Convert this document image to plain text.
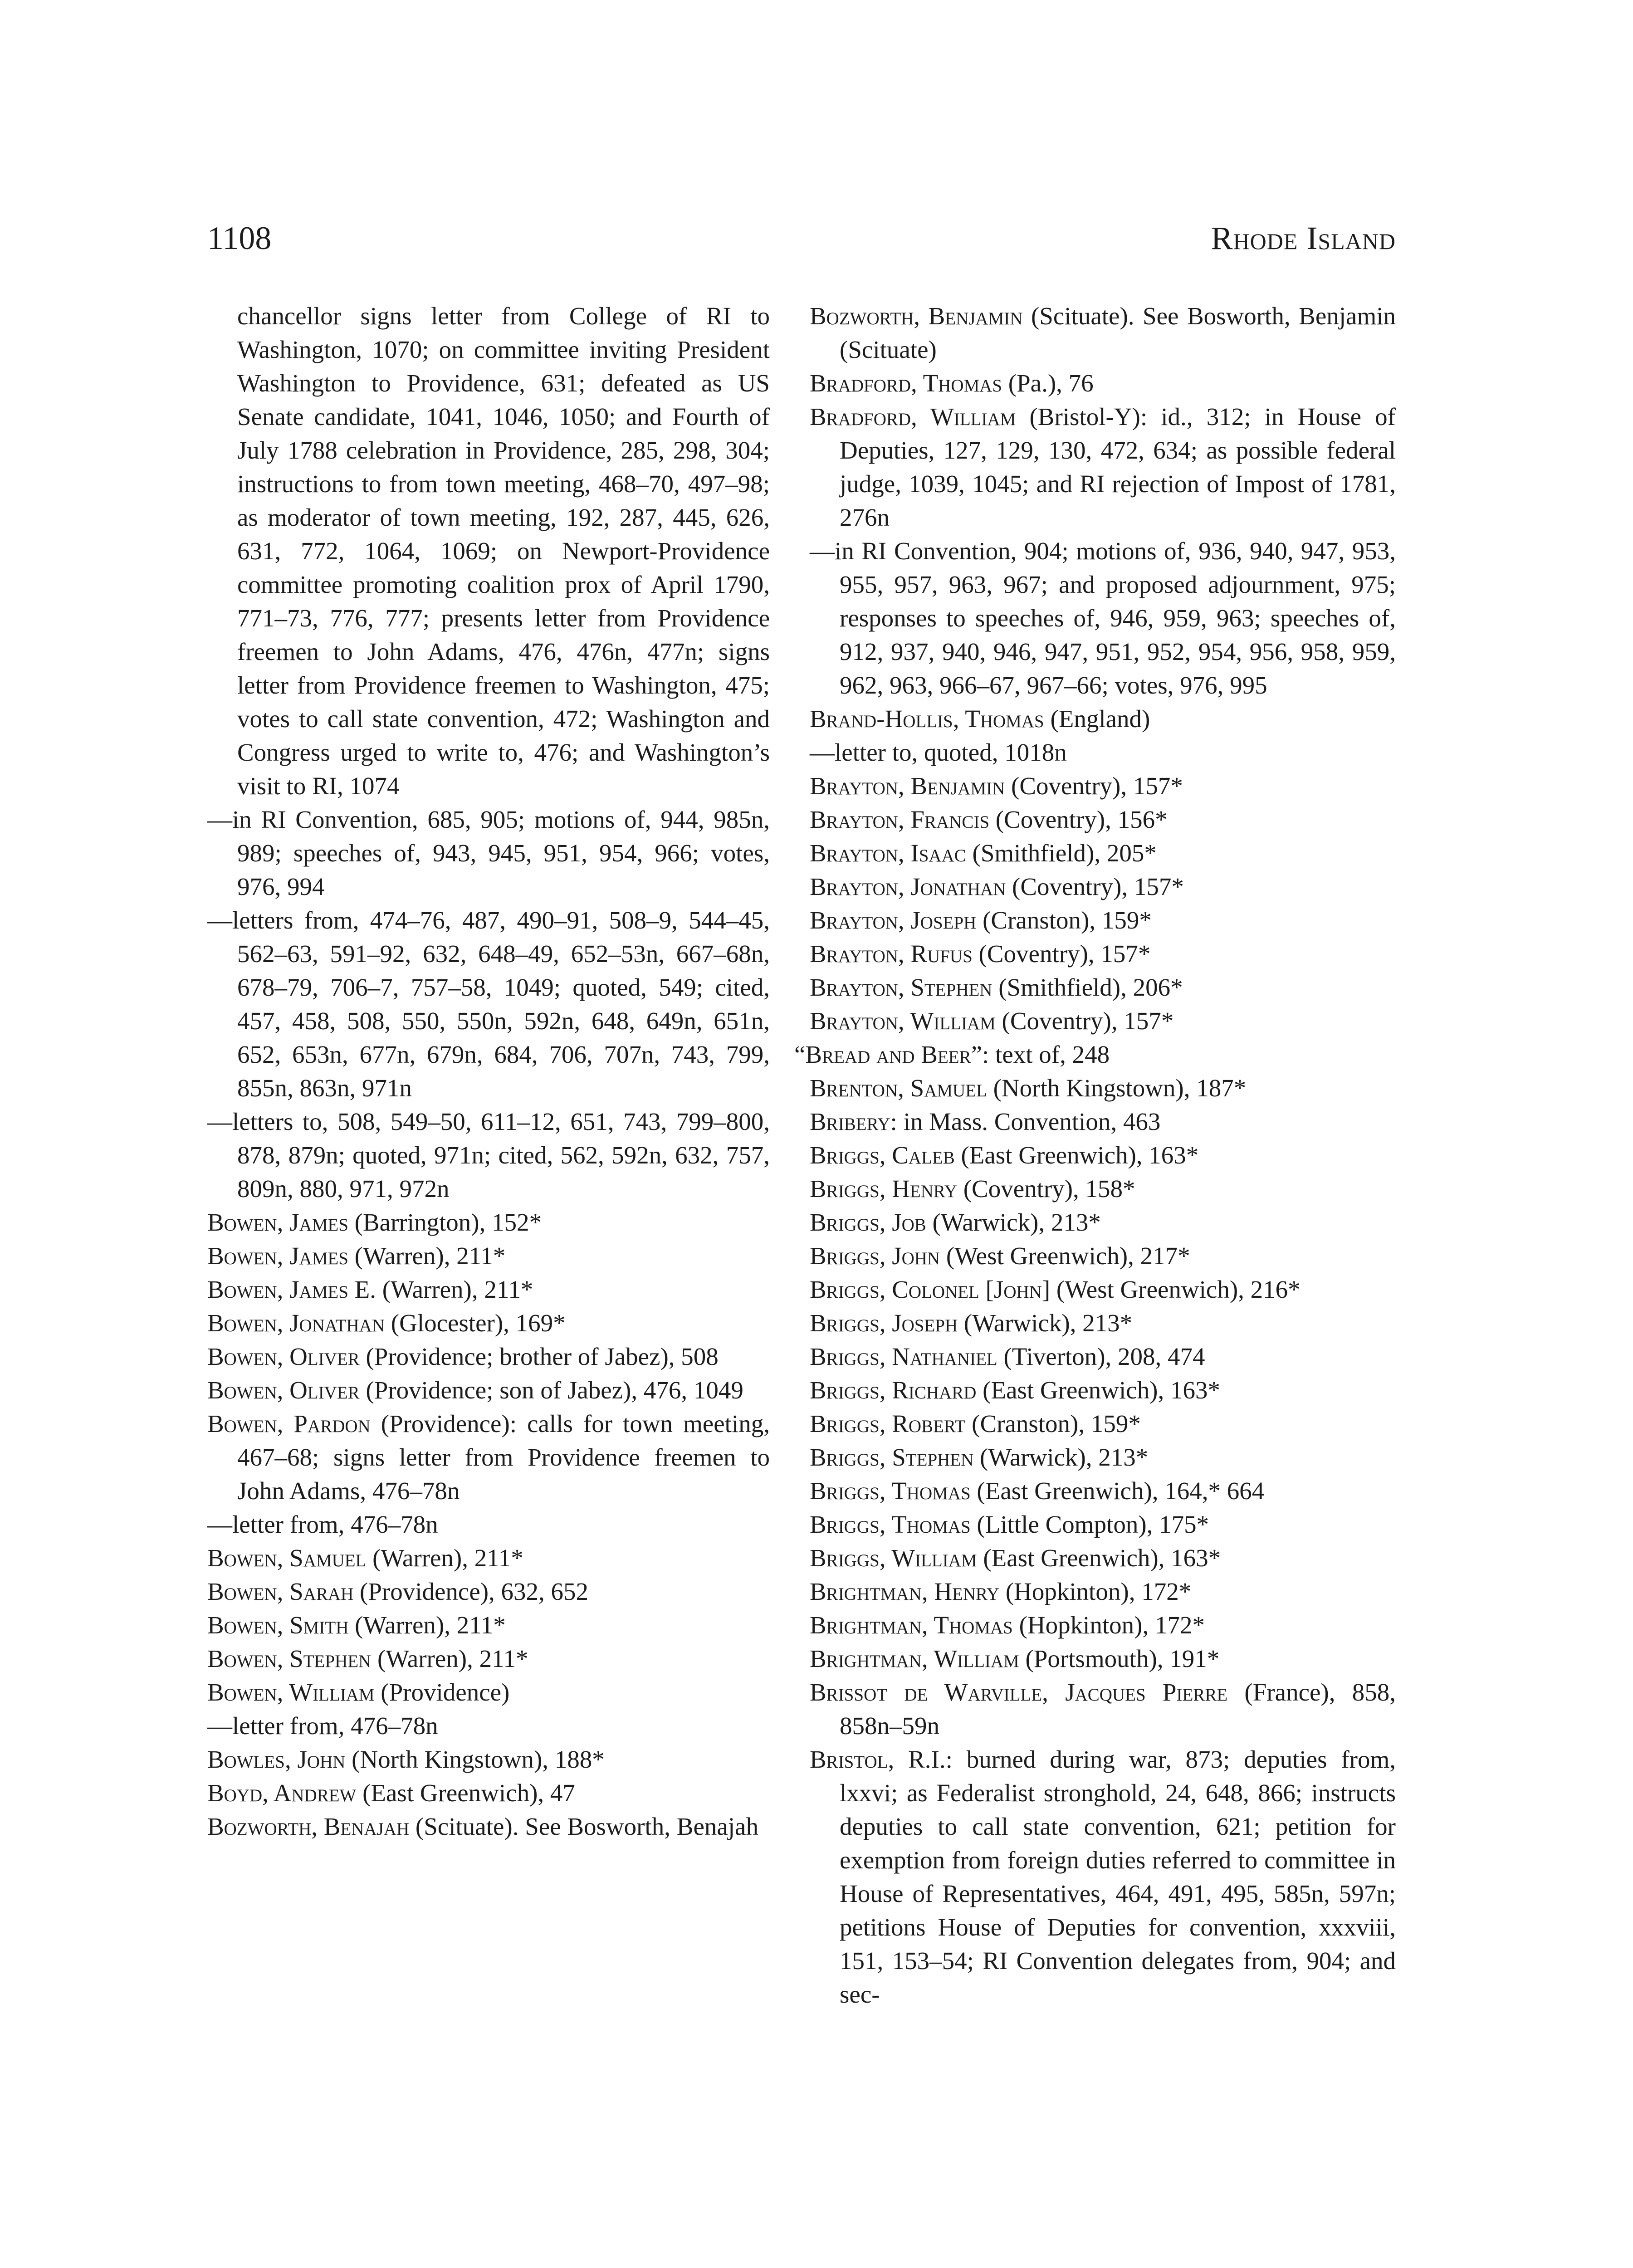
1108	Rhode Island

chancellor signs letter from College of RI to Washington, 1070; on committee inviting President Washington to Providence, 631; defeated as US Senate candidate, 1041, 1046, 1050; and Fourth of July 1788 celebration in Providence, 285, 298, 304; instructions to from town meeting, 468–70, 497–98; as moderator of town meeting, 192, 287, 445, 626, 631, 772, 1064, 1069; on Newport-Providence committee promoting coalition prox of April 1790, 771–73, 776, 777; presents letter from Providence freemen to John Adams, 476, 476n, 477n; signs letter from Providence freemen to Washington, 475; votes to call state convention, 472; Washington and Congress urged to write to, 476; and Washington’s visit to RI, 1074

—in RI Convention, 685, 905; motions of, 944, 985n, 989; speeches of, 943, 945, 951, 954, 966; votes, 976, 994

—letters from, 474–76, 487, 490–91, 508–9, 544–45, 562–63, 591–92, 632, 648–49, 652–53n, 667–68n, 678–79, 706–7, 757–58, 1049; quoted, 549; cited, 457, 458, 508, 550, 550n, 592n, 648, 649n, 651n, 652, 653n, 677n, 679n, 684, 706, 707n, 743, 799, 855n, 863n, 971n

—letters to, 508, 549–50, 611–12, 651, 743, 799–800, 878, 879n; quoted, 971n; cited, 562, 592n, 632, 757, 809n, 880, 971, 972n

Bowen, James (Barrington), 152*

Bowen, James (Warren), 211*

Bowen, James E. (Warren), 211*

Bowen, Jonathan (Glocester), 169*

Bowen, Oliver (Providence; brother of Jabez), 508

Bowen, Oliver (Providence; son of Jabez), 476, 1049

Bowen, Pardon (Providence): calls for town meeting, 467–68; signs letter from Providence freemen to John Adams, 476–78n

—letter from, 476–78n

Bowen, Samuel (Warren), 211*

Bowen, Sarah (Providence), 632, 652

Bowen, Smith (Warren), 211*

Bowen, Stephen (Warren), 211*

Bowen, William (Providence)

—letter from, 476–78n

Bowles, John (North Kingstown), 188*

Boyd, Andrew (East Greenwich), 47

Bozworth, Benajah (Scituate). See Bosworth, Benajah

Bozworth, Benjamin (Scituate). See Bosworth, Benjamin (Scituate)

Bradford, Thomas (Pa.), 76

Bradford, William (Bristol-Y): id., 312; in House of Deputies, 127, 129, 130, 472, 634; as possible federal judge, 1039, 1045; and RI rejection of Impost of 1781, 276n

—in RI Convention, 904; motions of, 936, 940, 947, 953, 955, 957, 963, 967; and proposed adjournment, 975; responses to speeches of, 946, 959, 963; speeches of, 912, 937, 940, 946, 947, 951, 952, 954, 956, 958, 959, 962, 963, 966–67, 967–66; votes, 976, 995

Brand-Hollis, Thomas (England)

—letter to, quoted, 1018n

Brayton, Benjamin (Coventry), 157*

Brayton, Francis (Coventry), 156*

Brayton, Isaac (Smithfield), 205*

Brayton, Jonathan (Coventry), 157*

Brayton, Joseph (Cranston), 159*

Brayton, Rufus (Coventry), 157*

Brayton, Stephen (Smithfield), 206*

Brayton, William (Coventry), 157*

“Bread and Beer”: text of, 248

Brenton, Samuel (North Kingstown), 187*

Bribery: in Mass. Convention, 463

Briggs, Caleb (East Greenwich), 163*

Briggs, Henry (Coventry), 158*

Briggs, Job (Warwick), 213*

Briggs, John (West Greenwich), 217*

Briggs, Colonel [John] (West Greenwich), 216*

Briggs, Joseph (Warwick), 213*

Briggs, Nathaniel (Tiverton), 208, 474

Briggs, Richard (East Greenwich), 163*

Briggs, Robert (Cranston), 159*

Briggs, Stephen (Warwick), 213*

Briggs, Thomas (East Greenwich), 164,* 664

Briggs, Thomas (Little Compton), 175*

Briggs, William (East Greenwich), 163*

Brightman, Henry (Hopkinton), 172*

Brightman, Thomas (Hopkinton), 172*

Brightman, William (Portsmouth), 191*

Brissot de Warville, Jacques Pierre (France), 858, 858n–59n

Bristol, R.I.: burned during war, 873; deputies from, lxxvi; as Federalist stronghold, 24, 648, 866; instructs deputies to call state convention, 621; petition for exemption from foreign duties referred to committee in House of Representatives, 464, 491, 495, 585n, 597n; petitions House of Deputies for convention, xxxviii, 151, 153–54; RI Convention delegates from, 904; and sec-
